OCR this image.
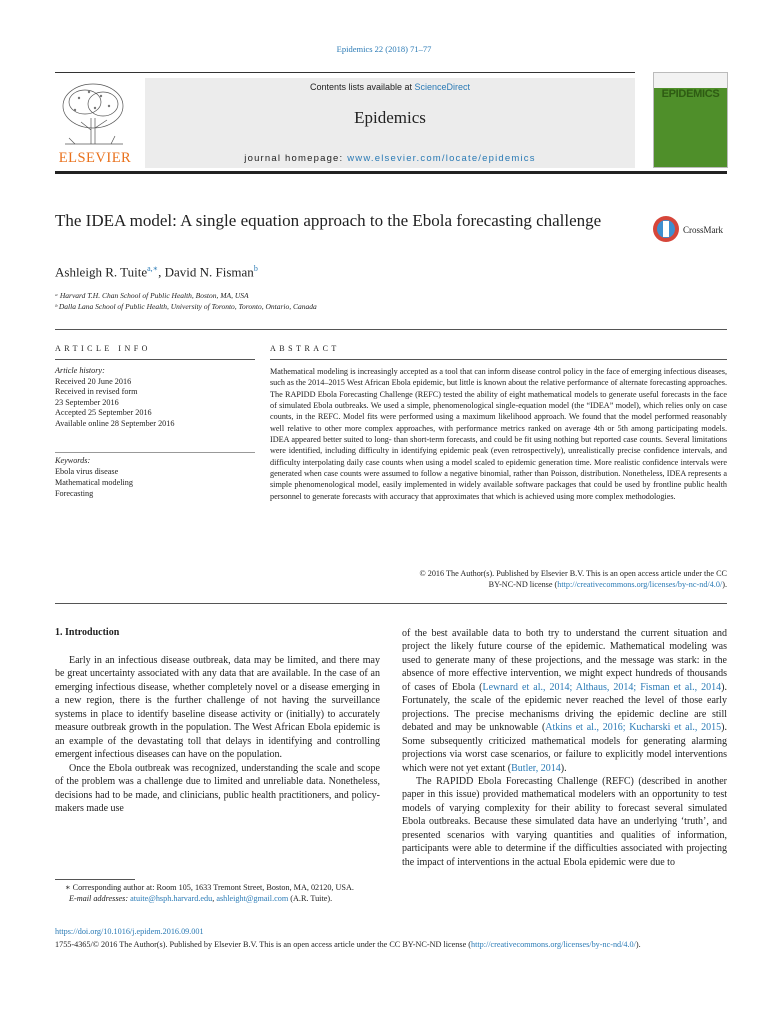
Epidemics 22 (2018) 71–77
ELSEVIER
Contents lists available at ScienceDirect
Epidemics
journal homepage: www.elsevier.com/locate/epidemics
EPIDEMICS
The IDEA model: A single equation approach to the Ebola forecasting challenge	CrossMark
Ashleigh R. Tuite$^{a,∗}$, David N. Fisman$^b$
ᵃ Harvard T.H. Chan School of Public Health, Boston, MA, USA
ᵇ Dalla Lana School of Public Health, University of Toronto, Toronto, Ontario, Canada
ARTICLE INFO	ABSTRACT
Article history:
Received 20 June 2016
Received in revised form
23 September 2016
Accepted 25 September 2016
Available online 28 September 2016
Keywords:
Ebola virus disease
Mathematical modeling
Forecasting
Mathematical modeling is increasingly accepted as a tool that can inform disease control policy in the face of emerging infectious diseases, such as the 2014–2015 West African Ebola epidemic, but little is known about the relative performance of alternate forecasting approaches. The RAPIDD Ebola Forecasting Challenge (REFC) tested the ability of eight mathematical models to generate useful forecasts in the face of simulated Ebola outbreaks. We used a simple, phenomenological single-equation model (the “IDEA” model), which relies only on case counts, in the REFC. Model fits were performed using a maximum likelihood approach. We found that the model performed reasonably well relative to other more complex approaches, with performance metrics ranked on average 4th or 5th among participating models. IDEA appeared better suited to long- than short-term forecasts, and could be fit using nothing but reported case counts. Several limitations were identified, including difficulty in identifying epidemic peak (even retrospectively), unrealistically precise confidence intervals, and difficulty interpolating daily case counts when using a model scaled to epidemic generation time. More realistic confidence intervals were generated when case counts were assumed to follow a negative binomial, rather than Poisson, distribution. Nonetheless, IDEA represents a simple phenomenological model, easily implemented in widely available software packages that could be used by frontline public health personnel to generate forecasts with accuracy that approximates that which is achieved using more complex methodologies.
© 2016 The Author(s). Published by Elsevier B.V. This is an open access article under the CC
BY-NC-ND license (http://creativecommons.org/licenses/by-nc-nd/4.0/).
1. Introduction

Early in an infectious disease outbreak, data may be limited, and there may be great uncertainty associated with any data that are available. In the case of an emerging infectious disease, whether completely novel or a disease emerging in a new region, there is the further challenge of not having the surveillance systems in place to identify baseline disease activity or (initially) to accurately measure outbreak growth in the population. The West African Ebola epidemic is an example of the devastating toll that delays in identifying and controlling emergent infectious diseases can have on the population.

Once the Ebola outbreak was recognized, understanding the scale and scope of the problem was a challenge due to limited and unreliable data. Nonetheless, decisions had to be made, and clinicians, public health practitioners, and policy-makers made use

of the best available data to both try to understand the current situation and project the likely future course of the epidemic. Mathematical modeling was used to generate many of these projections, and the message was stark: in the absence of more effective intervention, we might expect hundreds of thousands of cases of Ebola (Lewnard et al., 2014; Althaus, 2014; Fisman et al., 2014). Fortunately, the scale of the epidemic never reached the level of those early projections. The precise mechanisms driving the epidemic decline are still debated and may be unknowable (Atkins et al., 2016; Kucharski et al., 2015). Some subsequently criticized mathematical models for generating alarming projections via worst case scenarios, or failure to explicitly model interventions which were not yet extant (Butler, 2014).

The RAPIDD Ebola Forecasting Challenge (REFC) (described in another paper in this issue) provided mathematical modelers with an opportunity to test models of varying complexity for their ability to forecast several simulated Ebola outbreaks. Because these simulated data have an underlying ‘truth’, and presented scenarios with varying quantities and qualities of information, participants were able to determine if the difficulties associated with projecting the impact of interventions in the actual Ebola epidemic were due to

∗ Corresponding author at: Room 105, 1633 Tremont Street, Boston, MA, 02120, USA.
E-mail addresses: atuite@hsph.harvard.edu, ashleight@gmail.com (A.R. Tuite).
https://doi.org/10.1016/j.epidem.2016.09.001
1755-4365/© 2016 The Author(s). Published by Elsevier B.V. This is an open access article under the CC BY-NC-ND license (http://creativecommons.org/licenses/by-nc-nd/4.0/).
